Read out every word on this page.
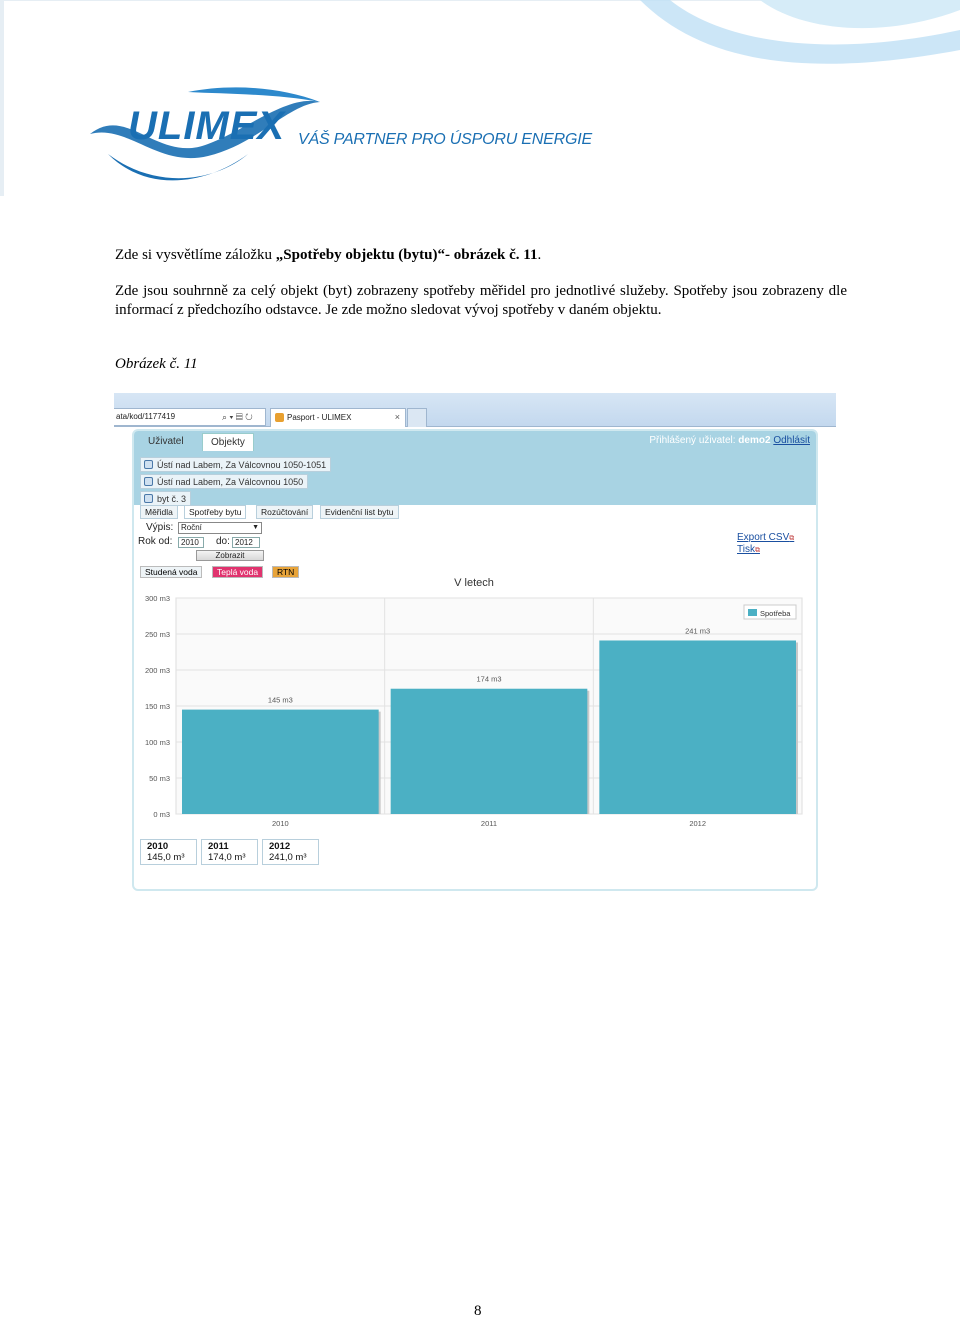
ULIMEX VÁŠ PARTNER PRO ÚSPORU ENERGIE

Zde si vysvětlíme záložku „Spotřeby objektu (bytu)“- obrázek č. 11.

Zde jsou souhrnně za celý objekt (byt) zobrazeny spotřeby měřidel pro jednotlivé služeby. Spotřeby jsou zobrazeny dle informací z předchozího odstavce. Je zde možno sledovat vývoj spotřeby v daném objektu.

Obrázek č. 11

ata/kod/1177419	⌕ ▾ ▤ ↻	Pasport - ULIMEX	×
Uživatel	Objekty	Přihlášený uživatel: demo2 Odhlásit
Ústí nad Labem, Za Válcovnou 1050-1051
Ústí nad Labem, Za Válcovnou 1050
byt č. 3
Měřidla	Spotřeby bytu	Rozúčtování	Evidenční list bytu
Výpis: Roční	▼
Rok od:	2010	do: 2012
Zobrazit
Export CSV⧉
Tisk⧉
Studená voda	Teplá voda	RTN
V letech
0 m3
50 m3
100 m3
150 m3
200 m3
250 m3
300 m3
145 m3
174 m3
241 m3
2010	2011	2012
Spotřeba
2010
145,0 m³
2011
174,0 m³
2012
241,0 m³
8
